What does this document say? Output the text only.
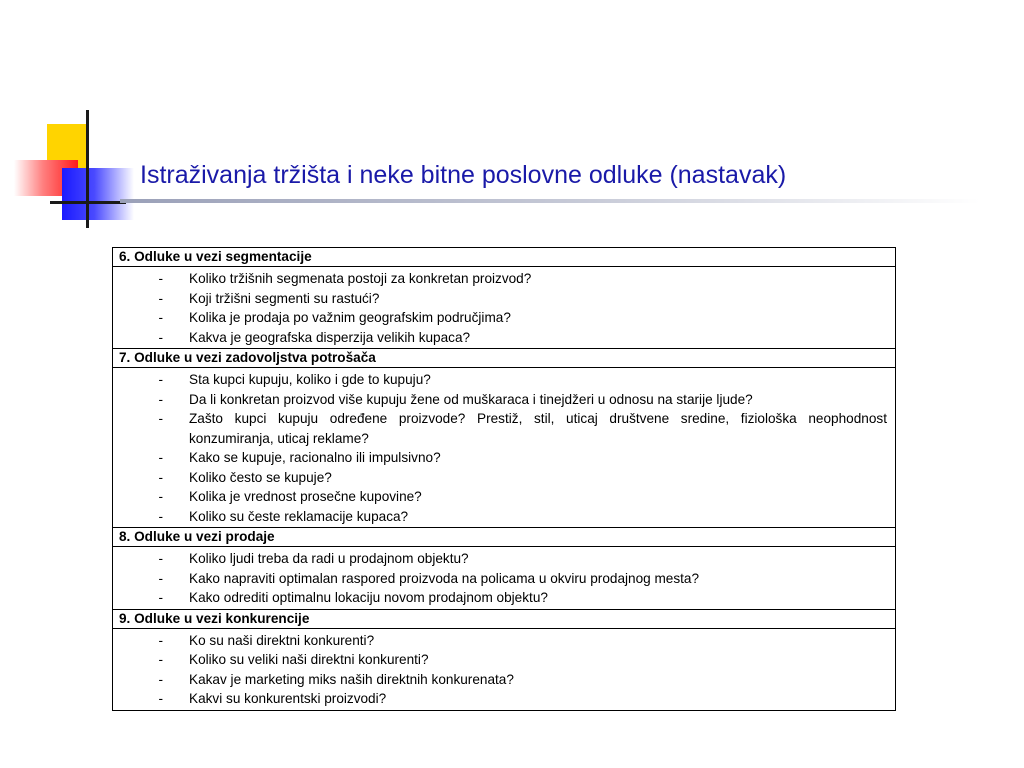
Istraživanja tržišta i neke bitne poslovne odluke (nastavak)
6. Odluke u vezi segmentacije
-	Koliko tržišnih segmenata postoji za konkretan proizvod?
-	Koji tržišni segmenti su rastući?
-	Kolika je prodaja po važnim geografskim područjima?
-	Kakva je geografska disperzija velikih kupaca?
7. Odluke u vezi zadovoljstva potrošača
-	Sta kupci kupuju, koliko i gde to kupuju?
-	Da li konkretan proizvod više kupuju žene od muškaraca i tinejdžeri u odnosu na starije ljude?
-	Zašto kupci kupuju određene proizvode? Prestiž, stil, uticaj društvene sredine, fiziološka neophodnost konzumiranja, uticaj reklame?
-	Kako se kupuje, racionalno ili impulsivno?
-	Koliko često se kupuje?
-	Kolika je vrednost prosečne kupovine?
-	Koliko su česte reklamacije kupaca?
8. Odluke u vezi prodaje
-	Koliko ljudi treba da radi u prodajnom objektu?
-	Kako napraviti optimalan raspored proizvoda na policama u okviru prodajnog mesta?
-	Kako odrediti optimalnu lokaciju novom prodajnom objektu?
9. Odluke u vezi konkurencije
-	Ko su naši direktni konkurenti?
-	Koliko su veliki naši direktni konkurenti?
-	Kakav je marketing miks naših direktnih konkurenata?
-	Kakvi su konkurentski proizvodi?
